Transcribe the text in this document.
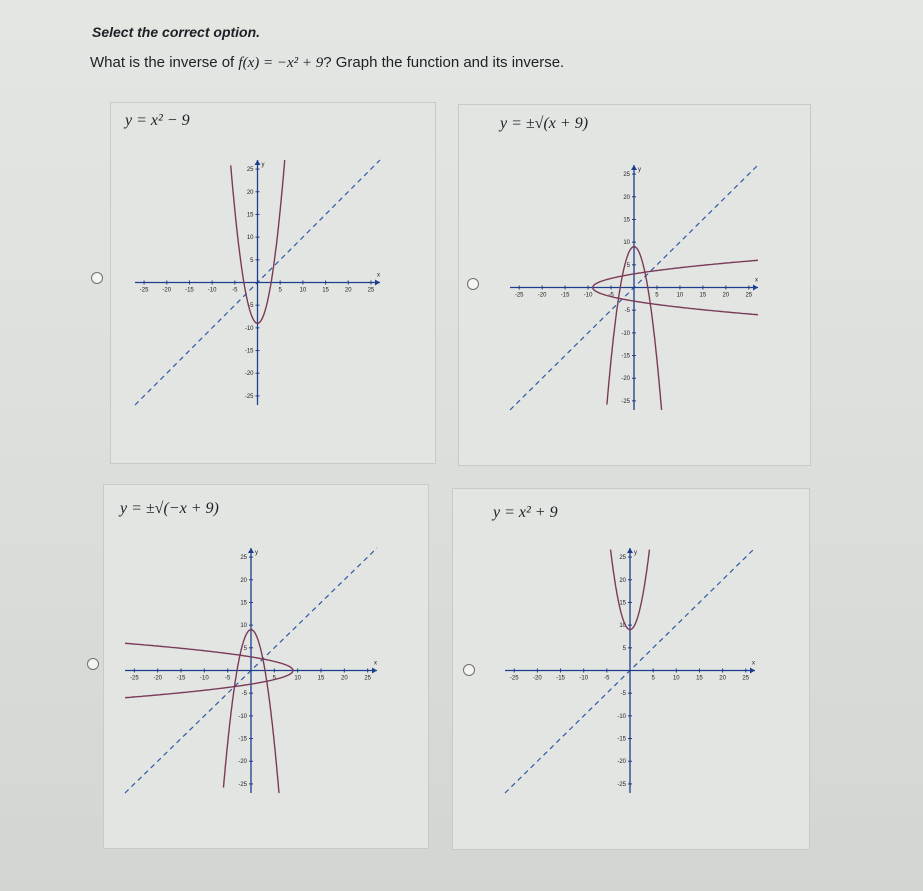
Select the correct option.
What is the inverse of f(x) = −x² + 9? Graph the function and its inverse.
y = x² − 9
x
y
-25 -20 -15 -10	-5	5	10	15	20	25
25
20
15
10
5
-5
-10
-15
-20
-25
y = ±√(x + 9)
x
y
-25 -20 -15 -10	-5	5	10	15	20	25
25
20
15
10
5
-5
-10
-15
-20
-25
y = ±√(−x + 9)
x
y
-25 -20 -15 -10	-5	5	10	15	20	25
25
20
15
10
5
-5
-10
-15
-20
-25
y = x² + 9
x
y
-25 -20 -15 -10	-5	5	10	15	20	25
25
20
15
10
5
-5
-10
-15
-20
-25
